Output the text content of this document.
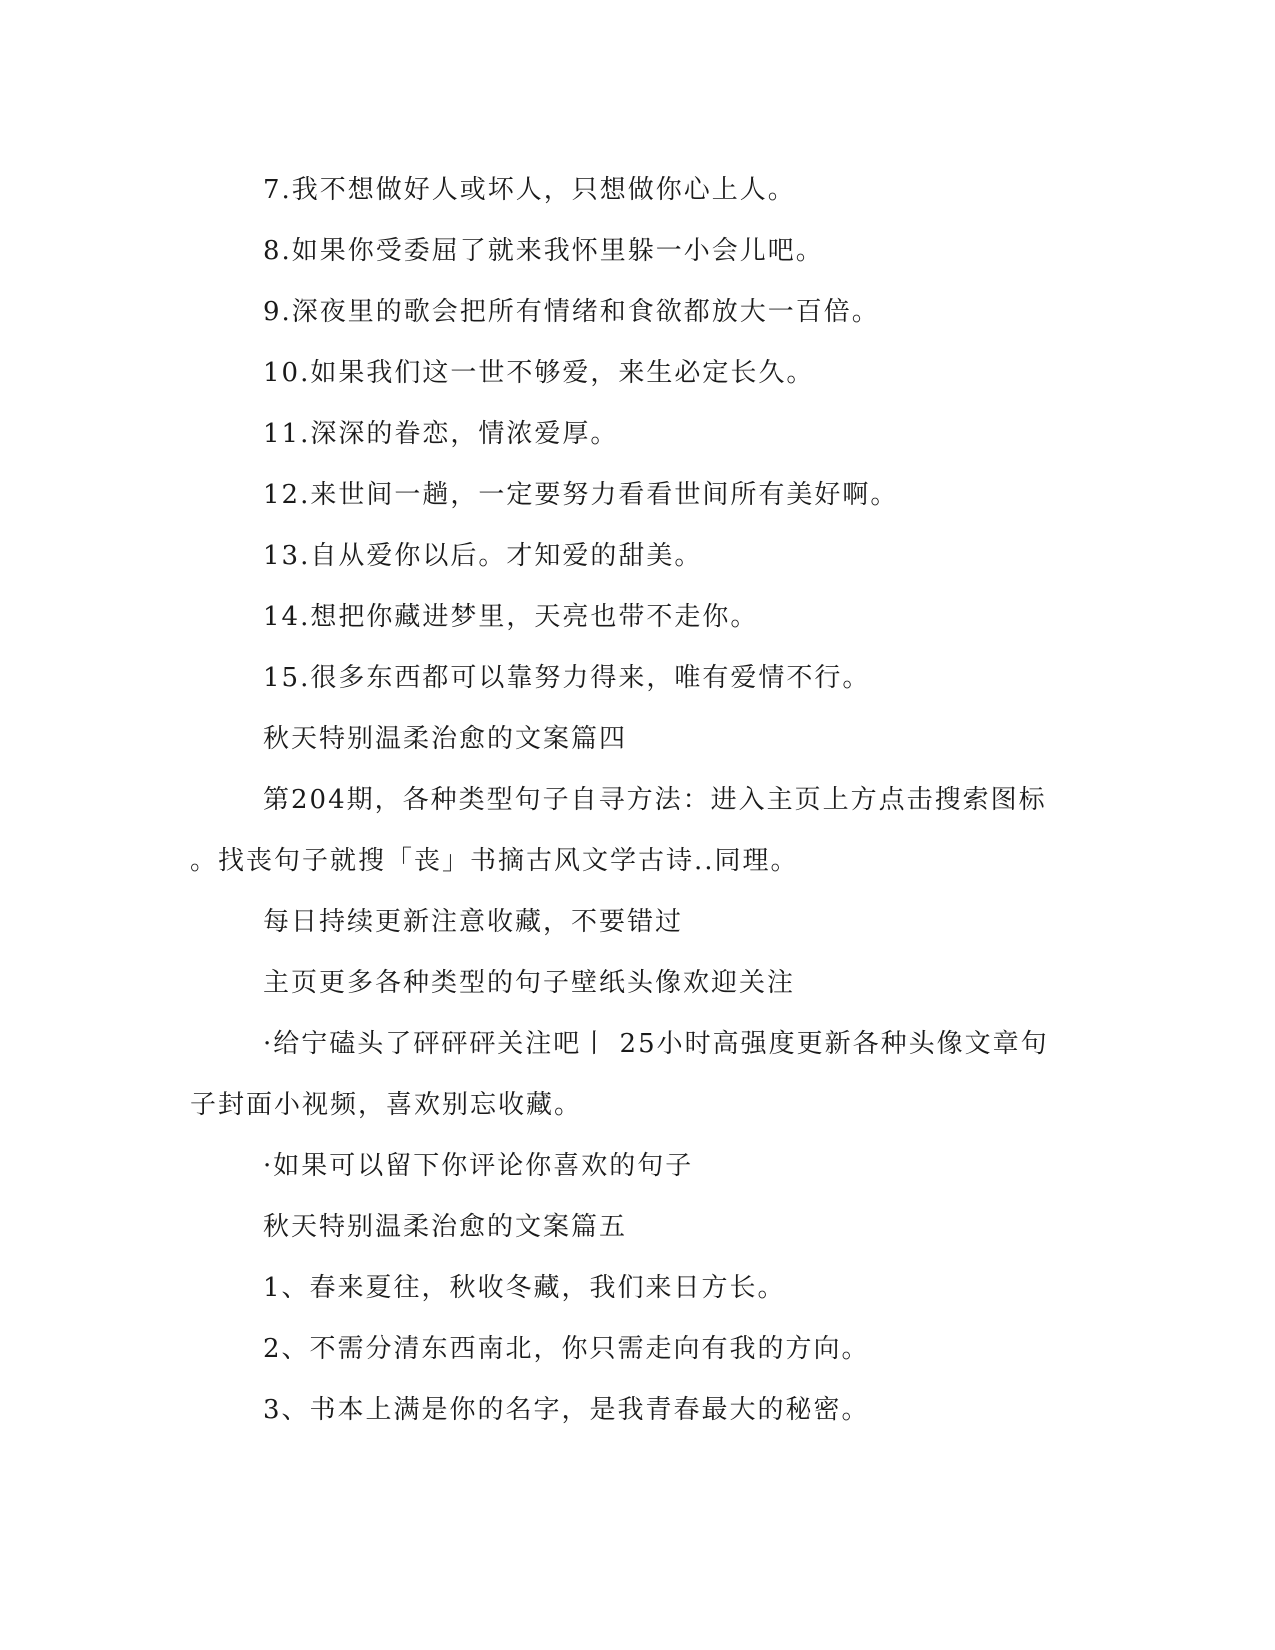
7.我不想做好人或坏人，只想做你心上人。
8.如果你受委屈了就来我怀里躲一小会儿吧。
9.深夜里的歌会把所有情绪和食欲都放大一百倍。
10.如果我们这一世不够爱，来生必定长久。
11.深深的眷恋，情浓爱厚。
12.来世间一趟，一定要努力看看世间所有美好啊。
13.自从爱你以后。才知爱的甜美。
14.想把你藏进梦里，天亮也带不走你。
15.很多东西都可以靠努力得来，唯有爱情不行。
秋天特别温柔治愈的文案篇四
第204期，各种类型句子自寻方法：进入主页上方点击搜索图标
。找丧句子就搜「丧」书摘古风文学古诗..同理。
每日持续更新注意收藏，不要错过
主页更多各种类型的句子壁纸头像欢迎关注
·给宁磕头了砰砰砰关注吧丨 25小时高强度更新各种头像文章句
子封面小视频，喜欢别忘收藏。
·如果可以留下你评论你喜欢的句子
秋天特别温柔治愈的文案篇五
1、春来夏往，秋收冬藏，我们来日方长。
2、不需分清东西南北，你只需走向有我的方向。
3、书本上满是你的名字，是我青春最大的秘密。
